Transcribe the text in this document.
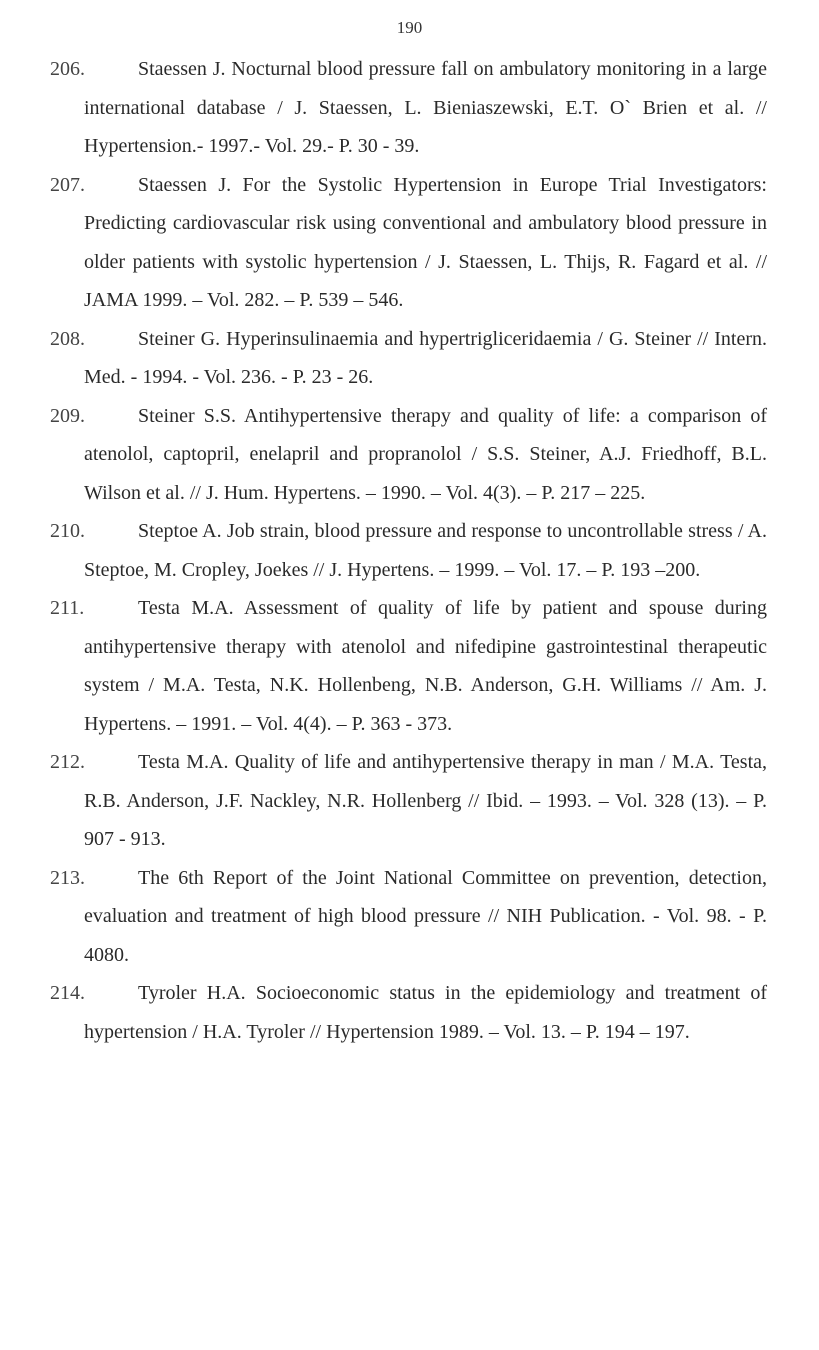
190
206.	Staessen J. Nocturnal blood pressure fall on ambulatory monitoring in a large international database / J. Staessen, L. Bieniaszewski, E.T. O` Brien et al. // Hypertension.- 1997.- Vol. 29.- P. 30 - 39.
207.	Staessen J. For the Systolic Hypertension in Europe Trial Investigators: Predicting cardiovascular risk using conventional and ambulatory blood pressure in older patients with systolic hypertension / J. Staessen, L. Thijs, R. Fagard et al. // JAMA 1999. – Vol. 282. – P. 539 – 546.
208.	Steiner G. Hyperinsulinaemia and hypertrigliceridaemia / G. Steiner // Intern. Med. - 1994. - Vol. 236. - P. 23 - 26.
209.	Steiner S.S. Antihypertensive therapy and quality of life: a comparison of atenolol, captopril, enelapril and propranolol / S.S. Steiner, A.J. Friedhoff, B.L. Wilson et al. // J. Hum. Hypertens. – 1990. – Vol. 4(3). – P. 217 – 225.
210.	Steptoe A. Job strain, blood pressure and response to uncontrollable stress / A. Steptoe, M. Cropley, Joekes // J. Hypertens. – 1999. – Vol. 17. – P. 193 –200.
211.	Testa M.A. Assessment of quality of life by patient and spouse during antihypertensive therapy with atenolol and nifedipine gastrointestinal therapeutic system / M.A. Testa, N.K. Hollenbeng, N.B. Anderson, G.H. Williams // Am. J. Hypertens. – 1991. – Vol. 4(4). – P. 363 - 373.
212.	Testa M.A. Quality of life and antihypertensive therapy in man / M.A. Testa, R.B. Anderson, J.F. Nackley, N.R. Hollenberg // Ibid. – 1993. – Vol. 328 (13). – P. 907 - 913.
213.	The 6th Report of the Joint National Committee on prevention, detection, evaluation and treatment of high blood pressure // NIH Publication. - Vol. 98. - P. 4080.
214.	Tyroler H.A. Socioeconomic status in the epidemiology and treatment of hypertension / H.A. Tyroler // Hypertension 1989. – Vol. 13. – P. 194 – 197.
